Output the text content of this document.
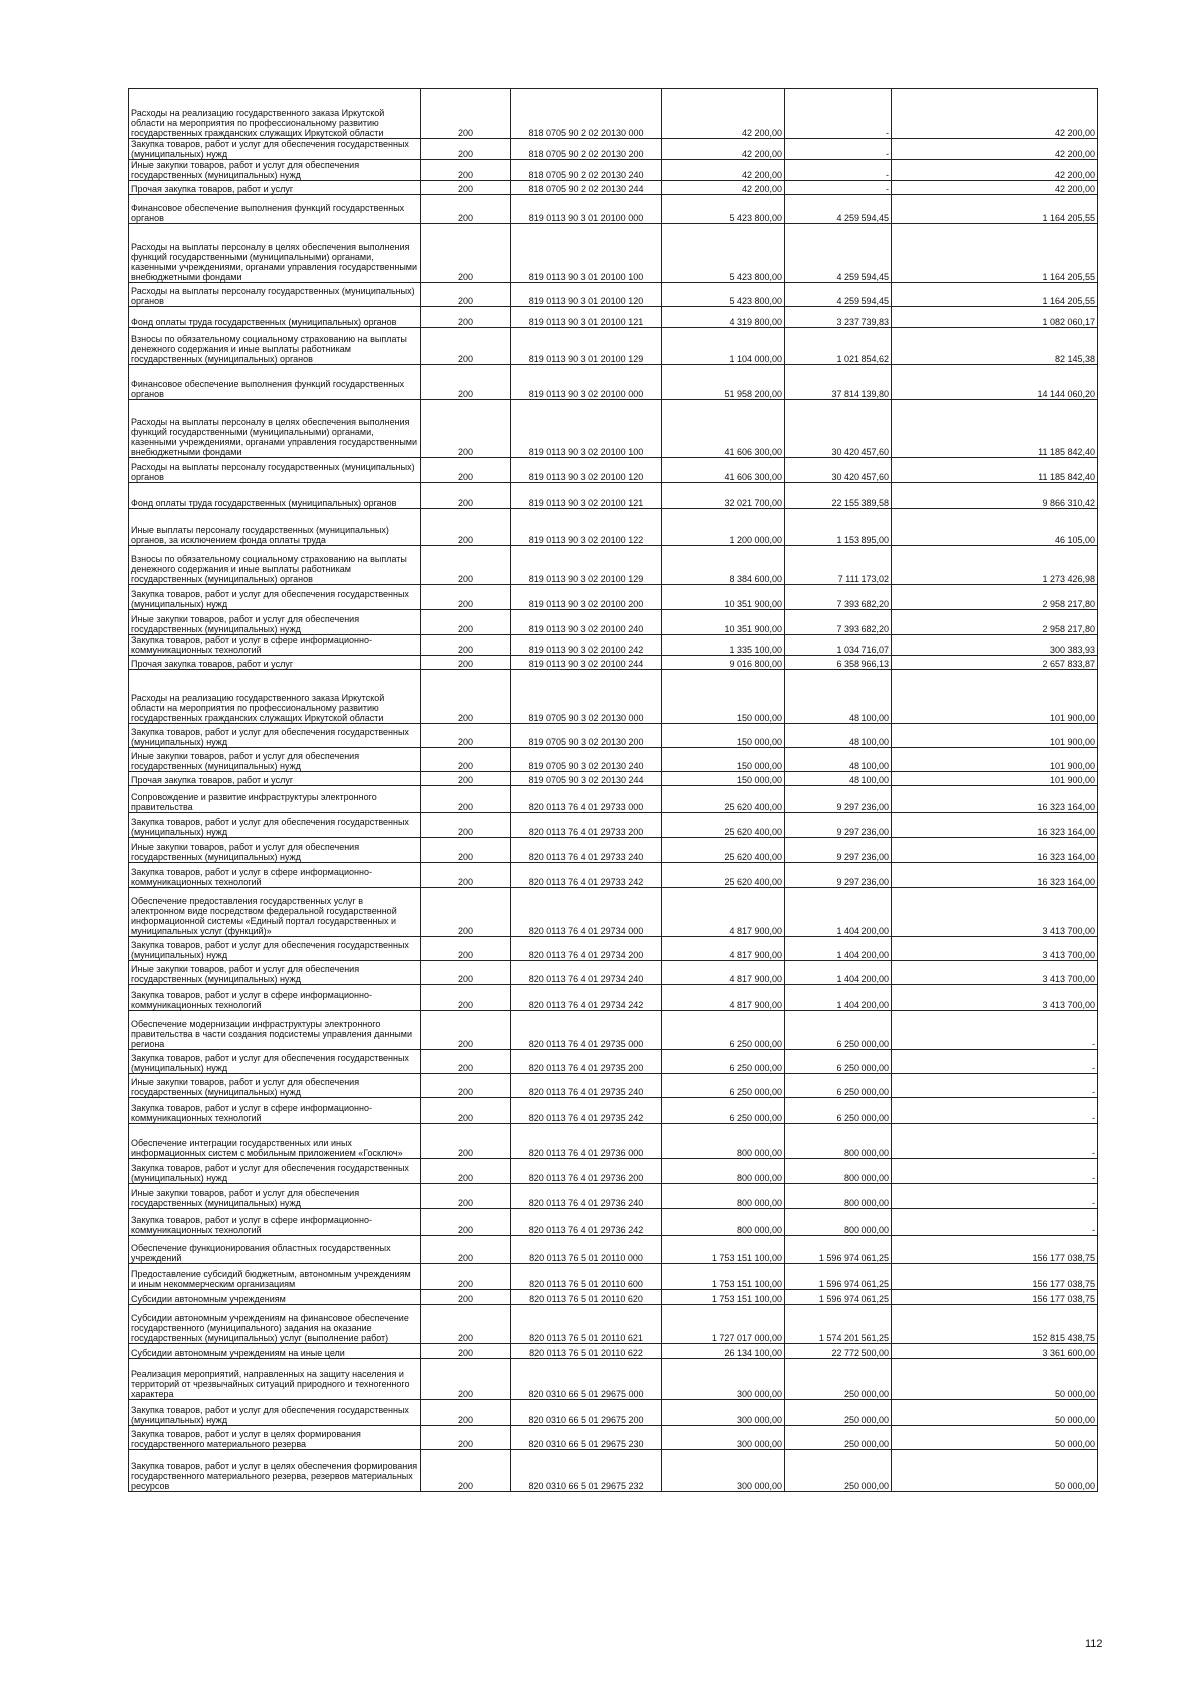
Расходы на реализацию государственного заказа Иркутской области на мероприятия по профессиональному развитию государственных гражданских служащих Иркутской области	200	818 0705 90 2 02 20130 000	42 200,00	-	42 200,00
Закупка товаров, работ и услуг для обеспечения государственных (муниципальных) нужд	200	818 0705 90 2 02 20130 200	42 200,00	-	42 200,00
Иные закупки товаров, работ и услуг для обеспечения государственных (муниципальных) нужд	200	818 0705 90 2 02 20130 240	42 200,00	-	42 200,00
Прочая закупка товаров, работ и услуг	200	818 0705 90 2 02 20130 244	42 200,00	-	42 200,00
Финансовое обеспечение выполнения функций государственных органов	200	819 0113 90 3 01 20100 000	5 423 800,00	4 259 594,45	1 164 205,55
Расходы на выплаты персоналу в целях обеспечения выполнения функций государственными (муниципальными) органами, казенными учреждениями, органами управления государственными внебюджетными фондами	200	819 0113 90 3 01 20100 100	5 423 800,00	4 259 594,45	1 164 205,55
Расходы на выплаты персоналу государственных (муниципальных) органов	200	819 0113 90 3 01 20100 120	5 423 800,00	4 259 594,45	1 164 205,55
Фонд оплаты труда государственных (муниципальных) органов	200	819 0113 90 3 01 20100 121	4 319 800,00	3 237 739,83	1 082 060,17
Взносы по обязательному социальному страхованию на выплаты денежного содержания и иные выплаты работникам государственных (муниципальных) органов	200	819 0113 90 3 01 20100 129	1 104 000,00	1 021 854,62	82 145,38
Финансовое обеспечение выполнения функций государственных органов	200	819 0113 90 3 02 20100 000	51 958 200,00	37 814 139,80	14 144 060,20
Расходы на выплаты персоналу в целях обеспечения выполнения функций государственными (муниципальными) органами, казенными учреждениями, органами управления государственными внебюджетными фондами	200	819 0113 90 3 02 20100 100	41 606 300,00	30 420 457,60	11 185 842,40
Расходы на выплаты персоналу государственных (муниципальных) органов	200	819 0113 90 3 02 20100 120	41 606 300,00	30 420 457,60	11 185 842,40
Фонд оплаты труда государственных (муниципальных) органов	200	819 0113 90 3 02 20100 121	32 021 700,00	22 155 389,58	9 866 310,42
Иные выплаты персоналу государственных (муниципальных) органов, за исключением фонда оплаты труда	200	819 0113 90 3 02 20100 122	1 200 000,00	1 153 895,00	46 105,00
Взносы по обязательному социальному страхованию на выплаты денежного содержания и иные выплаты работникам государственных (муниципальных) органов	200	819 0113 90 3 02 20100 129	8 384 600,00	7 111 173,02	1 273 426,98
Закупка товаров, работ и услуг для обеспечения государственных (муниципальных) нужд	200	819 0113 90 3 02 20100 200	10 351 900,00	7 393 682,20	2 958 217,80
Иные закупки товаров, работ и услуг для обеспечения государственных (муниципальных) нужд	200	819 0113 90 3 02 20100 240	10 351 900,00	7 393 682,20	2 958 217,80
Закупка товаров, работ и услуг в сфере информационно-коммуникационных технологий	200	819 0113 90 3 02 20100 242	1 335 100,00	1 034 716,07	300 383,93
Прочая закупка товаров, работ и услуг	200	819 0113 90 3 02 20100 244	9 016 800,00	6 358 966,13	2 657 833,87
Расходы на реализацию государственного заказа Иркутской области на мероприятия по профессиональному развитию государственных гражданских служащих Иркутской области	200	819 0705 90 3 02 20130 000	150 000,00	48 100,00	101 900,00
Закупка товаров, работ и услуг для обеспечения государственных (муниципальных) нужд	200	819 0705 90 3 02 20130 200	150 000,00	48 100,00	101 900,00
Иные закупки товаров, работ и услуг для обеспечения государственных (муниципальных) нужд	200	819 0705 90 3 02 20130 240	150 000,00	48 100,00	101 900,00
Прочая закупка товаров, работ и услуг	200	819 0705 90 3 02 20130 244	150 000,00	48 100,00	101 900,00
Сопровождение и развитие инфраструктуры электронного правительства	200	820 0113 76 4 01 29733 000	25 620 400,00	9 297 236,00	16 323 164,00
Закупка товаров, работ и услуг для обеспечения государственных (муниципальных) нужд	200	820 0113 76 4 01 29733 200	25 620 400,00	9 297 236,00	16 323 164,00
Иные закупки товаров, работ и услуг для обеспечения государственных (муниципальных) нужд	200	820 0113 76 4 01 29733 240	25 620 400,00	9 297 236,00	16 323 164,00
Закупка товаров, работ и услуг в сфере информационно-коммуникационных технологий	200	820 0113 76 4 01 29733 242	25 620 400,00	9 297 236,00	16 323 164,00
Обеспечение предоставления государственных услуг в электронном виде посредством федеральной государственной информационной системы «Единый портал государственных и муниципальных услуг (функций)»	200	820 0113 76 4 01 29734 000	4 817 900,00	1 404 200,00	3 413 700,00
Закупка товаров, работ и услуг для обеспечения государственных (муниципальных) нужд	200	820 0113 76 4 01 29734 200	4 817 900,00	1 404 200,00	3 413 700,00
Иные закупки товаров, работ и услуг для обеспечения государственных (муниципальных) нужд	200	820 0113 76 4 01 29734 240	4 817 900,00	1 404 200,00	3 413 700,00
Закупка товаров, работ и услуг в сфере информационно-коммуникационных технологий	200	820 0113 76 4 01 29734 242	4 817 900,00	1 404 200,00	3 413 700,00
Обеспечение модернизации инфраструктуры электронного правительства в части создания подсистемы управления данными региона	200	820 0113 76 4 01 29735 000	6 250 000,00	6 250 000,00	-
Закупка товаров, работ и услуг для обеспечения государственных (муниципальных) нужд	200	820 0113 76 4 01 29735 200	6 250 000,00	6 250 000,00	-
Иные закупки товаров, работ и услуг для обеспечения государственных (муниципальных) нужд	200	820 0113 76 4 01 29735 240	6 250 000,00	6 250 000,00	-
Закупка товаров, работ и услуг в сфере информационно-коммуникационных технологий	200	820 0113 76 4 01 29735 242	6 250 000,00	6 250 000,00	-
Обеспечение интеграции государственных или иных информационных систем с мобильным приложением «Госключ»	200	820 0113 76 4 01 29736 000	800 000,00	800 000,00	-
Закупка товаров, работ и услуг для обеспечения государственных (муниципальных) нужд	200	820 0113 76 4 01 29736 200	800 000,00	800 000,00	-
Иные закупки товаров, работ и услуг для обеспечения государственных (муниципальных) нужд	200	820 0113 76 4 01 29736 240	800 000,00	800 000,00	-
Закупка товаров, работ и услуг в сфере информационно-коммуникационных технологий	200	820 0113 76 4 01 29736 242	800 000,00	800 000,00	-
Обеспечение функционирования областных государственных учреждений	200	820 0113 76 5 01 20110 000	1 753 151 100,00	1 596 974 061,25	156 177 038,75
Предоставление субсидий бюджетным, автономным учреждениям и иным некоммерческим организациям	200	820 0113 76 5 01 20110 600	1 753 151 100,00	1 596 974 061,25	156 177 038,75
Субсидии автономным учреждениям	200	820 0113 76 5 01 20110 620	1 753 151 100,00	1 596 974 061,25	156 177 038,75
Субсидии автономным учреждениям на финансовое обеспечение государственного (муниципального) задания на оказание государственных (муниципальных) услуг (выполнение работ)	200	820 0113 76 5 01 20110 621	1 727 017 000,00	1 574 201 561,25	152 815 438,75
Субсидии автономным учреждениям на иные цели	200	820 0113 76 5 01 20110 622	26 134 100,00	22 772 500,00	3 361 600,00
Реализация мероприятий, направленных на защиту населения и территорий от чрезвычайных ситуаций природного и техногенного характера	200	820 0310 66 5 01 29675 000	300 000,00	250 000,00	50 000,00
Закупка товаров, работ и услуг для обеспечения государственных (муниципальных) нужд	200	820 0310 66 5 01 29675 200	300 000,00	250 000,00	50 000,00
Закупка товаров, работ и услуг в целях формирования государственного материального резерва	200	820 0310 66 5 01 29675 230	300 000,00	250 000,00	50 000,00
Закупка товаров, работ и услуг в целях обеспечения формирования государственного материального резерва, резервов материальных ресурсов	200	820 0310 66 5 01 29675 232	300 000,00	250 000,00	50 000,00
112
